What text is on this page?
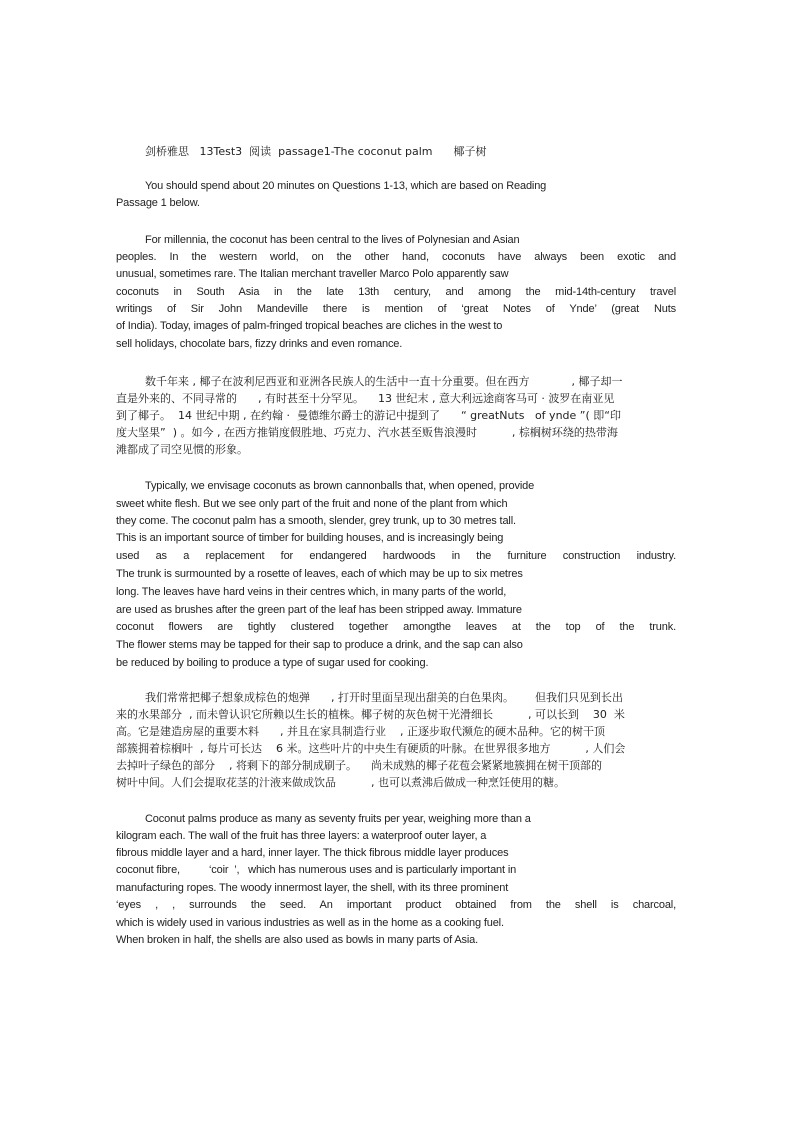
剑桥雅思   13Test3  阅读  passage1-The coconut palm      椰子树
You should spend about 20 minutes on Questions 1-13, which are based on Reading
Passage 1 below.
For millennia, the coconut has been central to the lives of Polynesian and Asian
peoples. In the western world, on the other hand, coconuts have always been exotic and
unusual, sometimes rare. The Italian merchant traveller Marco Polo apparently saw
coconuts in South Asia in the late 13th century, and among the mid-14th-century travel
writings of Sir John Mandeville there is mention of ‘great Notes of Ynde’ (great Nuts
of India). Today, images of palm-fringed tropical beaches are cliches in the west to
sell holidays, chocolate bars, fizzy drinks and even romance.
数千年来 , 椰子在波利尼西亚和亚洲各民族人的生活中一直十分重要。但在西方            , 椰子却一
直是外来的、不同寻常的      , 有时甚至十分罕见。    13 世纪末 , 意大利远途商客马可 · 波罗在南亚见
到了椰子。  14 世纪中期 , 在约翰 ·  曼德维尔爵士的游记中提到了      “ greatNuts   of ynde ”( 即“印
度大坚果”  ) 。如今 , 在西方推销度假胜地、巧克力、汽水甚至贩售浪漫时          , 棕榈树环绕的热带海
滩都成了司空见惯的形象。
Typically, we envisage coconuts as brown cannonballs that, when opened, provide
sweet white flesh. But we see only part of the fruit and none of the plant from which
they come. The coconut palm has a smooth, slender, grey trunk, up to 30 metres tall.
This is an important source of timber for building houses, and is increasingly being
used as a replacement for endangered hardwoods in the furniture construction industry.
The trunk is surmounted by a rosette of leaves, each of which may be up to six metres
long. The leaves have hard veins in their centres which, in many parts of the world,
are used as brushes after the green part of the leaf has been stripped away. Immature
coconut flowers are tightly clustered together amongthe leaves at the top of the trunk.
The flower stems may be tapped for their sap to produce a drink, and the sap can also
be reduced by boiling to produce a type of sugar used for cooking.
我们常常把椰子想象成棕色的炮弹      , 打开时里面呈现出甜美的白色果肉。      但我们只见到长出
来的水果部分  , 而未曾认识它所赖以生长的植株。椰子树的灰色树干光滑细长          , 可以长到    30  米
高。它是建造房屋的重要木料      , 并且在家具制造行业    , 正逐步取代濒危的硬木品种。它的树干顶
部簇拥着棕榈叶  , 每片可长达    6 米。这些叶片的中央生有硬质的叶脉。在世界很多地方          , 人们会
去掉叶子绿色的部分    , 将剩下的部分制成刷子。    尚未成熟的椰子花苞会紧紧地簇拥在树干顶部的
树叶中间。人们会提取花茎的汁液来做成饮品          , 也可以煮沸后做成一种烹饪使用的糖。
Coconut palms produce as many as seventy fruits per year, weighing more than a
kilogram each. The wall of the fruit has three layers: a waterproof outer layer, a
fibrous middle layer and a hard, inner layer. The thick fibrous middle layer produces
coconut fibre,          ‘coir  ’,   which has numerous uses and is particularly important in
manufacturing ropes. The woody innermost layer, the shell, with its three prominent
‘eyes , , surrounds the seed. An important product obtained from the shell is charcoal,
which is widely used in various industries as well as in the home as a cooking fuel.
When broken in half, the shells are also used as bowls in many parts of Asia.
